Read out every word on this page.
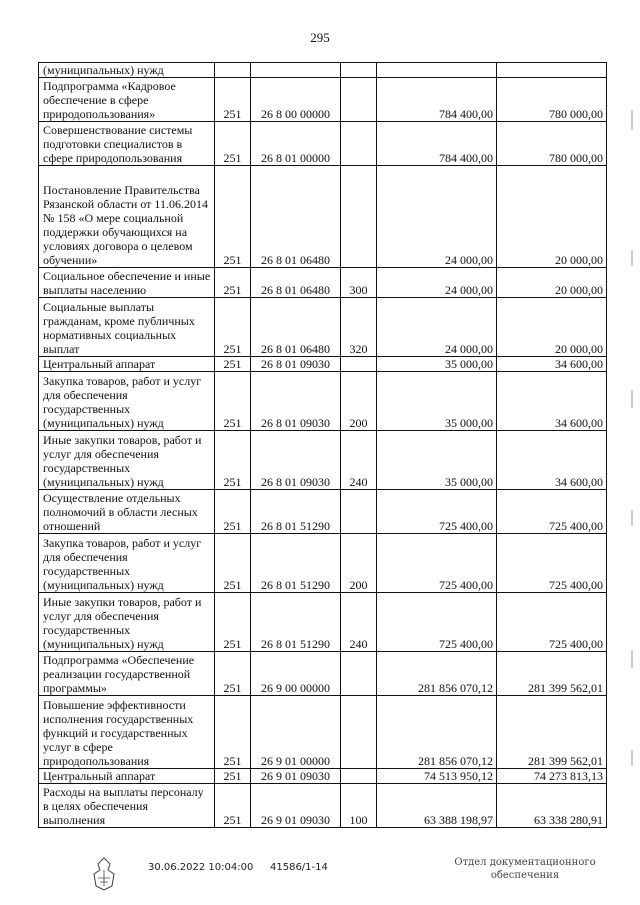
295
(муниципальных) нужд					
Подпрограмма «Кадровое обеспечение в сфере природопользования»	251	26 8 00 00000		784 400,00	780 000,00
Совершенствование системы подготовки специалистов в сфере природопользования	251	26 8 01 00000		784 400,00	780 000,00
Постановление Правительства Рязанской области от 11.06.2014 № 158 «О мере социальной поддержки обучающихся на условиях договора о целевом обучении»	251	26 8 01 06480		24 000,00	20 000,00
Социальное обеспечение и иные выплаты населению	251	26 8 01 06480	300	24 000,00	20 000,00
Социальные выплаты гражданам, кроме публичных нормативных социальных выплат	251	26 8 01 06480	320	24 000,00	20 000,00
Центральный аппарат	251	26 8 01 09030		35 000,00	34 600,00
Закупка товаров, работ и услуг для обеспечения государственных (муниципальных) нужд	251	26 8 01 09030	200	35 000,00	34 600,00
Иные закупки товаров, работ и услуг для обеспечения государственных (муниципальных) нужд	251	26 8 01 09030	240	35 000,00	34 600,00
Осуществление отдельных полномочий в области лесных отношений	251	26 8 01 51290		725 400,00	725 400,00
Закупка товаров, работ и услуг для обеспечения государственных (муниципальных) нужд	251	26 8 01 51290	200	725 400,00	725 400,00
Иные закупки товаров, работ и услуг для обеспечения государственных (муниципальных) нужд	251	26 8 01 51290	240	725 400,00	725 400,00
Подпрограмма «Обеспечение реализации государственной программы»	251	26 9 00 00000		281 856 070,12	281 399 562,01
Повышение эффективности исполнения государственных функций и государственных услуг в сфере природопользования	251	26 9 01 00000		281 856 070,12	281 399 562,01
Центральный аппарат	251	26 9 01 09030		74 513 950,12	74 273 813,13
Расходы на выплаты персоналу в целях обеспечения выполнения	251	26 9 01 09030	100	63 388 198,97	63 338 280,91
30.06.2022 10:04:00 41586/1-14	Отдел документационного
обеспечения
